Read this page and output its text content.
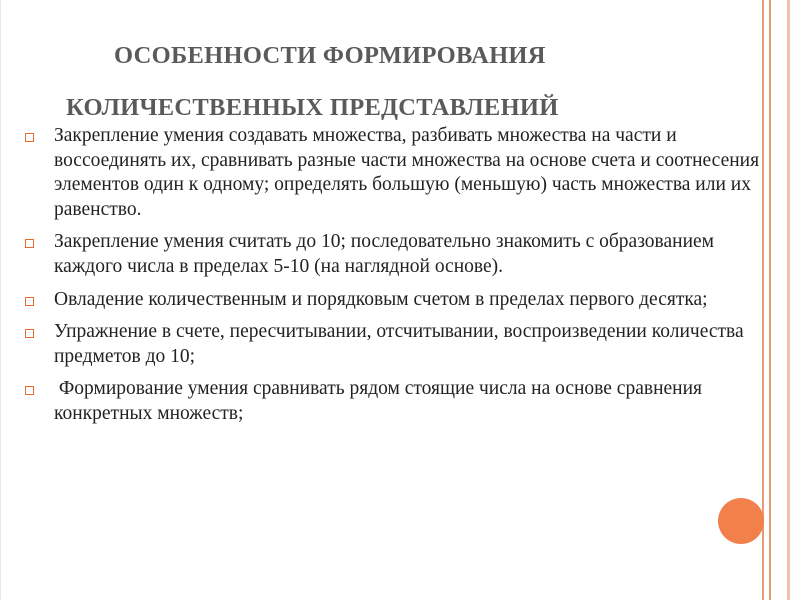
ОСОБЕННОСТИ ФОРМИРОВАНИЯ
КОЛИЧЕСТВЕННЫХ ПРЕДСТАВЛЕНИЙ
Закрепление умения создавать множества, разбивать множества на части и воссоединять их, сравнивать разные части множества на основе счета и соотнесения элементов один к одному; определять большую (меньшую) часть множества или их равенство.
Закрепление умения считать до 10; последовательно знакомить с образованием каждого числа в пределах 5-10 (на наглядной основе).
Овладение количественным и порядковым счетом в пределах первого десятка;
Упражнение в счете, пересчитывании, отсчитывании, воспроизведении количества предметов до 10;
Формирование умения сравнивать рядом стоящие числа на основе сравнения конкретных множеств;
